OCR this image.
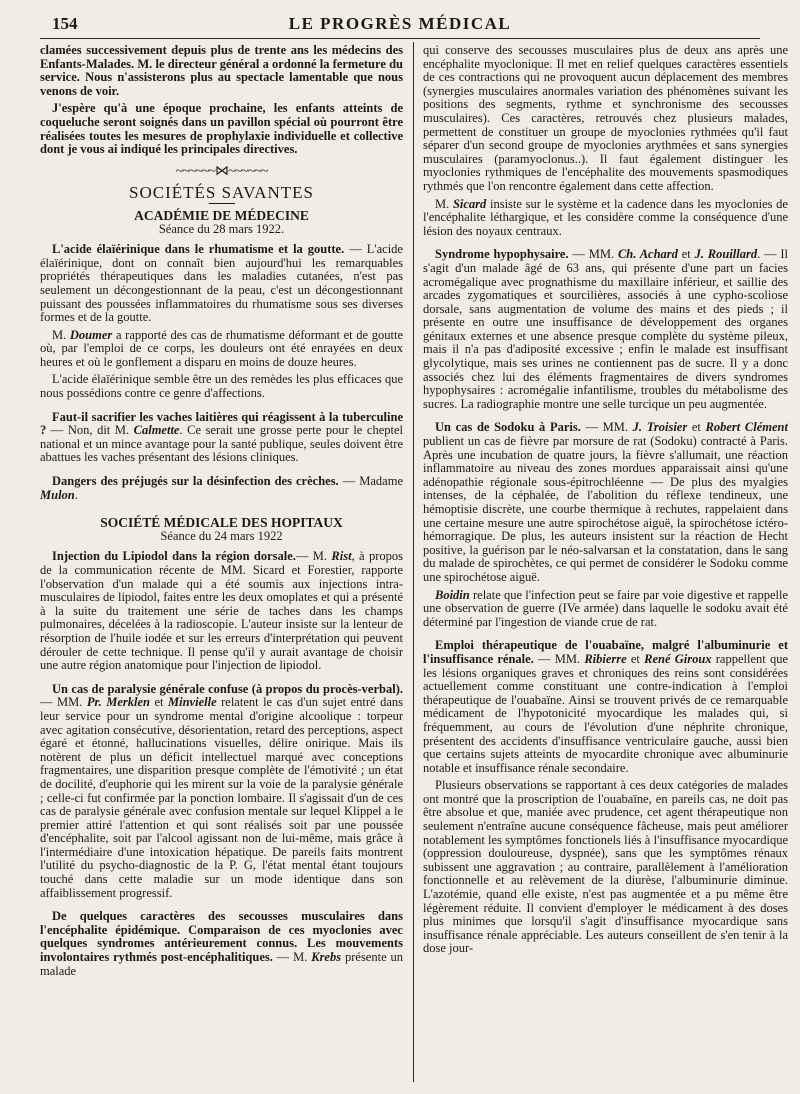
154	LE PROGRÈS MÉDICAL

clamées successivement depuis plus de trente ans les médecins des Enfants-Malades. M. le directeur général a ordonné la fermeture du service. Nous n'assisterons plus au spectacle lamentable que nous venons de voir.

J'espère qu'à une époque prochaine, les enfants atteints de coqueluche seront soignés dans un pavillon spécial où pourront être réalisées toutes les mesures de prophylaxie individuelle et collective dont je vous ai indiqué les principales directives.

~~~~~~⋈~~~~~~
SOCIÉTÉS SAVANTES
ACADÉMIE DE MÉDECINE
Séance du 28 mars 1922.

L'acide élaïérinique dans le rhumatisme et la goutte. — L'acide élaïérinique, dont on connaît bien aujourd'hui les remarquables propriétés thérapeutiques dans les maladies cutanées, n'est pas seulement un décongestionnant de la peau, c'est un décongestionnant puissant des poussées inflammatoires du rhumatisme sous ses diverses formes et de la goutte.

M. Doumer a rapporté des cas de rhumatisme déformant et de goutte où, par l'emploi de ce corps, les douleurs ont été enrayées en deux heures et où le gonflement a disparu en moins de douze heures.

L'acide élaïérinique semble être un des remèdes les plus efficaces que nous possédions contre ce genre d'affections.

Faut-il sacrifier les vaches laitières qui réagissent à la tuberculine ? — Non, dit M. Calmette. Ce serait une grosse perte pour le cheptel national et un mince avantage pour la santé publique, seules doivent être abattues les vaches présentant des lésions cliniques.

Dangers des préjugés sur la désinfection des crèches. — Madame Mulon.

SOCIÉTÉ MÉDICALE DES HOPITAUX
Séance du 24 mars 1922

Injection du Lipiodol dans la région dorsale.— M. Rist, à propos de la communication récente de MM. Sicard et Forestier, rapporte l'observation d'un malade qui a été soumis aux injections intra-musculaires de lipiodol, faites entre les deux omoplates et qui a présenté à la suite du traitement une série de taches dans les champs pulmonaires, décelées à la radioscopie. L'auteur insiste sur la lenteur de résorption de l'huile iodée et sur les erreurs d'interprétation qui peuvent dérouler de cette technique. Il pense qu'il y aurait avantage de choisir une autre région anatomique pour l'injection de lipiodol.

Un cas de paralysie générale confuse (à propos du procès-verbal). — MM. Pr. Merklen et Minvielle relatent le cas d'un sujet entré dans leur service pour un syndrome mental d'origine alcoolique : torpeur avec agitation consécutive, désorientation, retard des perceptions, aspect égaré et étonné, hallucinations visuelles, délire onirique. Mais ils notèrent de plus un déficit intellectuel marqué avec conceptions fragmentaires, une disparition presque complète de l'émotivité ; un état de docilité, d'euphorie qui les mirent sur la voie de la paralysie générale ; celle-ci fut confirmée par la ponction lombaire. Il s'agissait d'un de ces cas de paralysie générale avec confusion mentale sur lequel Klippel a le premier attiré l'attention et qui sont réalisés soit par une poussée d'encéphalite, soit par l'alcool agissant non de lui-même, mais grâce à l'intermédiaire d'une intoxication hépatique. De pareils faits montrent l'utilité du psycho-diagnostic de la P. G, l'état mental étant toujours touché dans cette maladie sur un mode identique dans son affaiblissement progressif.

De quelques caractères des secousses musculaires dans l'encéphalite épidémique. Comparaison de ces myoclonies avec quelques syndromes antérieurement connus. Les mouvements involontaires rythmés post-encéphalitiques. — M. Krebs présente un malade

qui conserve des secousses musculaires plus de deux ans après une encéphalite myoclonique. Il met en relief quelques caractères essentiels de ces contractions qui ne provoquent aucun déplacement des membres (synergies musculaires anormales variation des phénomènes suivant les positions des segments, rythme et synchronisme des secousses musculaires). Ces caractères, retrouvés chez plusieurs malades, permettent de constituer un groupe de myoclonies rythmées qu'il faut séparer d'un second groupe de myoclonies arythmées et sans synergies musculaires (paramyoclonus..). Il faut également distinguer les myoclonies rythmiques de l'encéphalite des mouvements spasmodiques rythmés que l'on rencontre également dans cette affection.

M. Sicard insiste sur le système et la cadence dans les myoclonies de l'encéphalite léthargique, et les considère comme la conséquence d'une lésion des noyaux centraux.

Syndrome hypophysaire. — MM. Ch. Achard et J. Rouillard. — Il s'agit d'un malade âgé de 63 ans, qui présente d'une part un facies acromégalique avec prognathisme du maxillaire inférieur, et saillie des arcades zygomatiques et sourcilières, associés à une cypho-scoliose dorsale, sans augmentation de volume des mains et des pieds ; il présente en outre une insuffisance de développement des organes génitaux externes et une absence presque complète du système pileux, mais il n'a pas d'adiposité excessive ; enfin le malade est insuffisant glycolytique, mais ses urines ne contiennent pas de sucre. Il y a donc associés chez lui des éléments fragmentaires de divers syndromes hypophysaires : acromégalie infantilisme, troubles du métabolisme des sucres. La radiographie montre une selle turcique un peu augmentée.

Un cas de Sodoku à Paris. — MM. J. Troisier et Robert Clément publient un cas de fièvre par morsure de rat (Sodoku) contracté à Paris. Après une incubation de quatre jours, la fièvre s'allumait, une réaction inflammatoire au niveau des zones mordues apparaissait ainsi qu'une adénopathie régionale sous-épitrochléenne — De plus des myalgies intenses, de la céphalée, de l'abolition du réflexe tendineux, une hémoptisie discrète, une courbe thermique à rechutes, rappelaient dans une certaine mesure une autre spirochétose aiguë, la spirochétose ictéro-hémorragique. De plus, les auteurs insistent sur la réaction de Hecht positive, la guérison par le néo-salvarsan et la constatation, dans le sang du malade de spirochètes, ce qui permet de considérer le Sodoku comme une spirochétose aiguë.

Boidin relate que l'infection peut se faire par voie digestive et rappelle une observation de guerre (IVe armée) dans laquelle le sodoku avait été déterminé par l'ingestion de viande crue de rat.

Emploi thérapeutique de l'ouabaïne, malgré l'albuminurie et l'insuffisance rénale. — MM. Ribierre et René Giroux rappellent que les lésions organiques graves et chroniques des reins sont considérées actuellement comme constituant une contre-indication à l'emploi thérapeutique de l'ouabaïne. Ainsi se trouvent privés de ce remarquable médicament de l'hypotonicité myocardique les malades qui, si fréquemment, au cours de l'évolution d'une néphrite chronique, présentent des accidents d'insuffisance ventriculaire gauche, aussi bien que certains sujets atteints de myocardite chronique avec albuminurie notable et insuffisance rénale secondaire.

Plusieurs observations se rapportant à ces deux catégories de malades ont montré que la proscription de l'ouabaïne, en pareils cas, ne doit pas être absolue et que, maniée avec prudence, cet agent thérapeutique non seulement n'entraîne aucune conséquence fâcheuse, mais peut améliorer notablement les symptômes fonctionels liés à l'insuffisance myocardique (oppression douloureuse, dyspnée), sans que les symptômes rénaux subissent une aggravation ; au contraire, parallèlement à l'amélioration fonctionnelle et au relèvement de la diurèse, l'albuminurie diminue. L'azotémie, quand elle existe, n'est pas augmentée et a pu même être légèrement réduite. Il convient d'employer le médicament à des doses plus minimes que lorsqu'il s'agit d'insuffisance myocardique sans insuffisance rénale appréciable. Les auteurs conseillent de s'en tenir à la dose jour-
